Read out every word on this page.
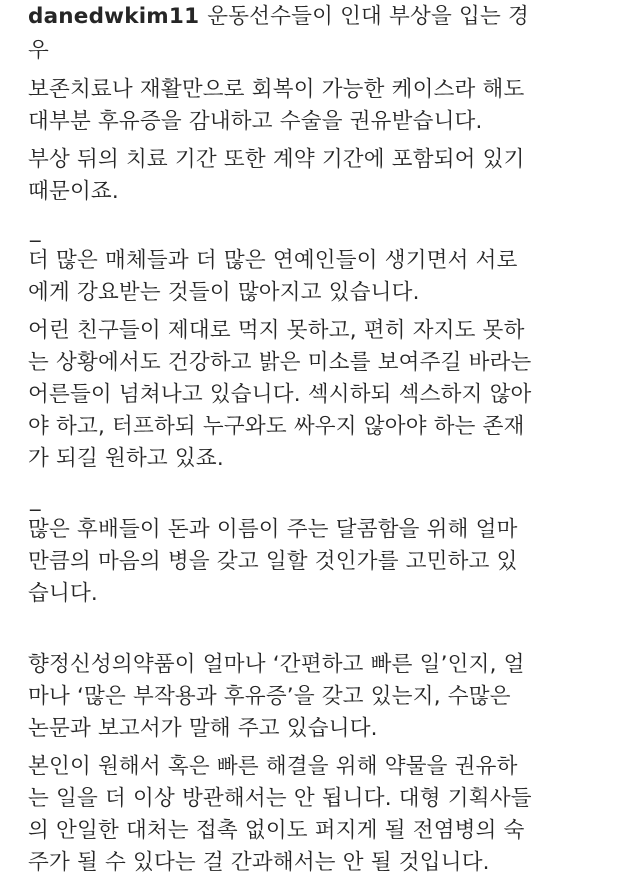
danedwkim11 운동선수들이 인대 부상을 입는 경
우
보존치료나 재활만으로 회복이 가능한 케이스라 해도
대부분 후유증을 감내하고 수술을 권유받습니다.
부상 뒤의 치료 기간 또한 계약 기간에 포함되어 있기
때문이죠.
_
더 많은 매체들과 더 많은 연예인들이 생기면서 서로
에게 강요받는 것들이 많아지고 있습니다.
어린 친구들이 제대로 먹지 못하고, 편히 자지도 못하
는 상황에서도 건강하고 밝은 미소를 보여주길 바라는
어른들이 넘쳐나고 있습니다. 섹시하되 섹스하지 않아
야 하고, 터프하되 누구와도 싸우지 않아야 하는 존재
가 되길 원하고 있죠.
_
많은 후배들이 돈과 이름이 주는 달콤함을 위해 얼마
만큼의 마음의 병을 갖고 일할 것인가를 고민하고 있
습니다.
향정신성의약품이 얼마나 ‘간편하고 빠른 일’인지, 얼
마나 ‘많은 부작용과 후유증’을 갖고 있는지, 수많은
논문과 보고서가 말해 주고 있습니다.
본인이 원해서 혹은 빠른 해결을 위해 약물을 권유하
는 일을 더 이상 방관해서는 안 됩니다. 대형 기획사들
의 안일한 대처는 접촉 없이도 퍼지게 될 전염병의 숙
주가 될 수 있다는 걸 간과해서는 안 될 것입니다.
